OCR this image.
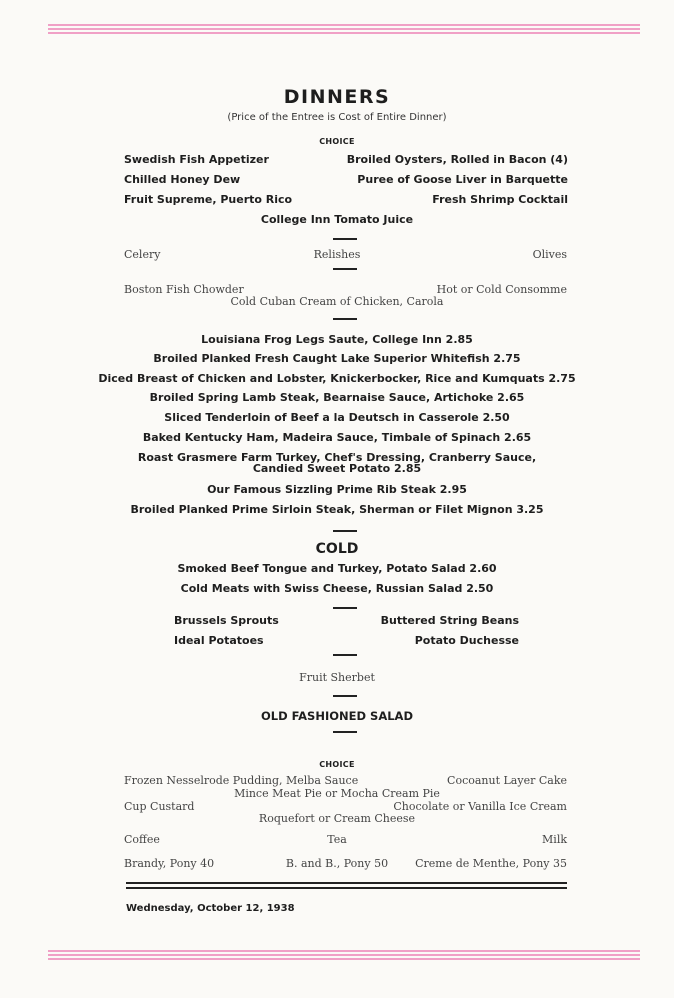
DINNERS
(Price of the Entree is Cost of Entire Dinner)
CHOICE
Swedish Fish Appetizer	Broiled Oysters, Rolled in Bacon (4)
Chilled Honey Dew	Puree of Goose Liver in Barquette
Fruit Supreme, Puerto Rico	Fresh Shrimp Cocktail
College Inn Tomato Juice
Celery	Relishes	Olives
Boston Fish Chowder	Hot or Cold Consomme
Cold Cuban Cream of Chicken, Carola
Louisiana Frog Legs Saute, College Inn 2.85
Broiled Planked Fresh Caught Lake Superior Whitefish 2.75
Diced Breast of Chicken and Lobster, Knickerbocker, Rice and Kumquats 2.75
Broiled Spring Lamb Steak, Bearnaise Sauce, Artichoke 2.65
Sliced Tenderloin of Beef a la Deutsch in Casserole 2.50
Baked Kentucky Ham, Madeira Sauce, Timbale of Spinach 2.65
Roast Grasmere Farm Turkey, Chef's Dressing, Cranberry Sauce,
Candied Sweet Potato 2.85
Our Famous Sizzling Prime Rib Steak 2.95
Broiled Planked Prime Sirloin Steak, Sherman or Filet Mignon 3.25
COLD
Smoked Beef Tongue and Turkey, Potato Salad 2.60
Cold Meats with Swiss Cheese, Russian Salad 2.50
Brussels Sprouts	Buttered String Beans
Ideal Potatoes	Potato Duchesse
Fruit Sherbet
OLD FASHIONED SALAD
CHOICE
Frozen Nesselrode Pudding, Melba Sauce	Cocoanut Layer Cake
Mince Meat Pie or Mocha Cream Pie
Cup Custard	Chocolate or Vanilla Ice Cream
Roquefort or Cream Cheese
Coffee	Tea	Milk
Brandy, Pony 40	B. and B., Pony 50	Creme de Menthe, Pony 35
Wednesday, October 12, 1938
